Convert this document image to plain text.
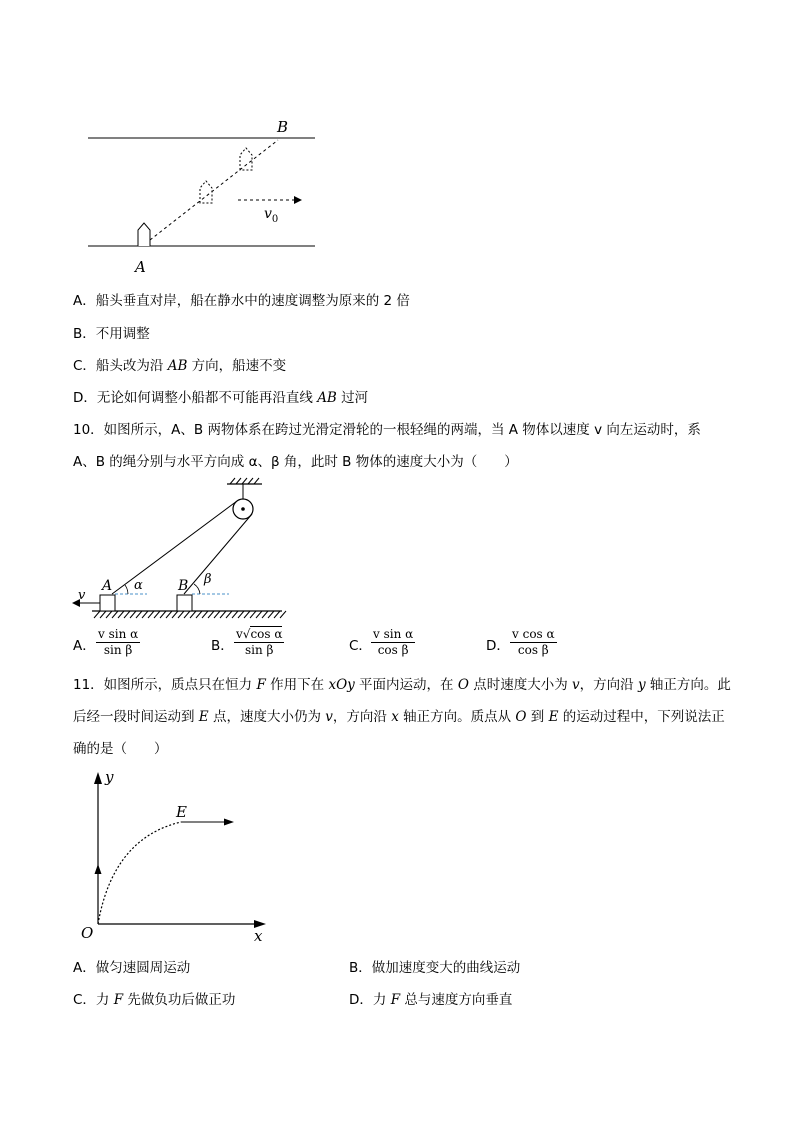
B
A
$v_0$
A．船头垂直对岸，船在静水中的速度调整为原来的 2 倍
B．不用调整
C．船头改为沿 AB 方向，船速不变
D．无论如何调整小船都不可能再沿直线 AB 过河
10．如图所示，A、B 两物体系在跨过光滑定滑轮的一根轻绳的两端，当 A 物体以速度 v 向左运动时，系
A、B 的绳分别与水平方向成 α、β 角，此时 B 物体的速度大小为（　　）
A	B
α	β
v
A． $\frac{\text{v sin α}}{\text{sin β}}$	B． $\frac{\text{v√cos α}}{\text{sin β}}$	C． $\frac{\text{v sin α}}{\text{cos β}}$	D． $\frac{\text{v cos α}}{\text{cos β}}$
11．如图所示，质点只在恒力 F 作用下在 xOy 平面内运动，在 O 点时速度大小为 v，方向沿 y 轴正方向。此
后经一段时间运动到 E 点，速度大小仍为 v，方向沿 x 轴正方向。质点从 O 到 E 的运动过程中，下列说法正
确的是（　　）
y
x
O
E
A．做匀速圆周运动	B．做加速度变大的曲线运动
C．力 F 先做负功后做正功	D．力 F 总与速度方向垂直
